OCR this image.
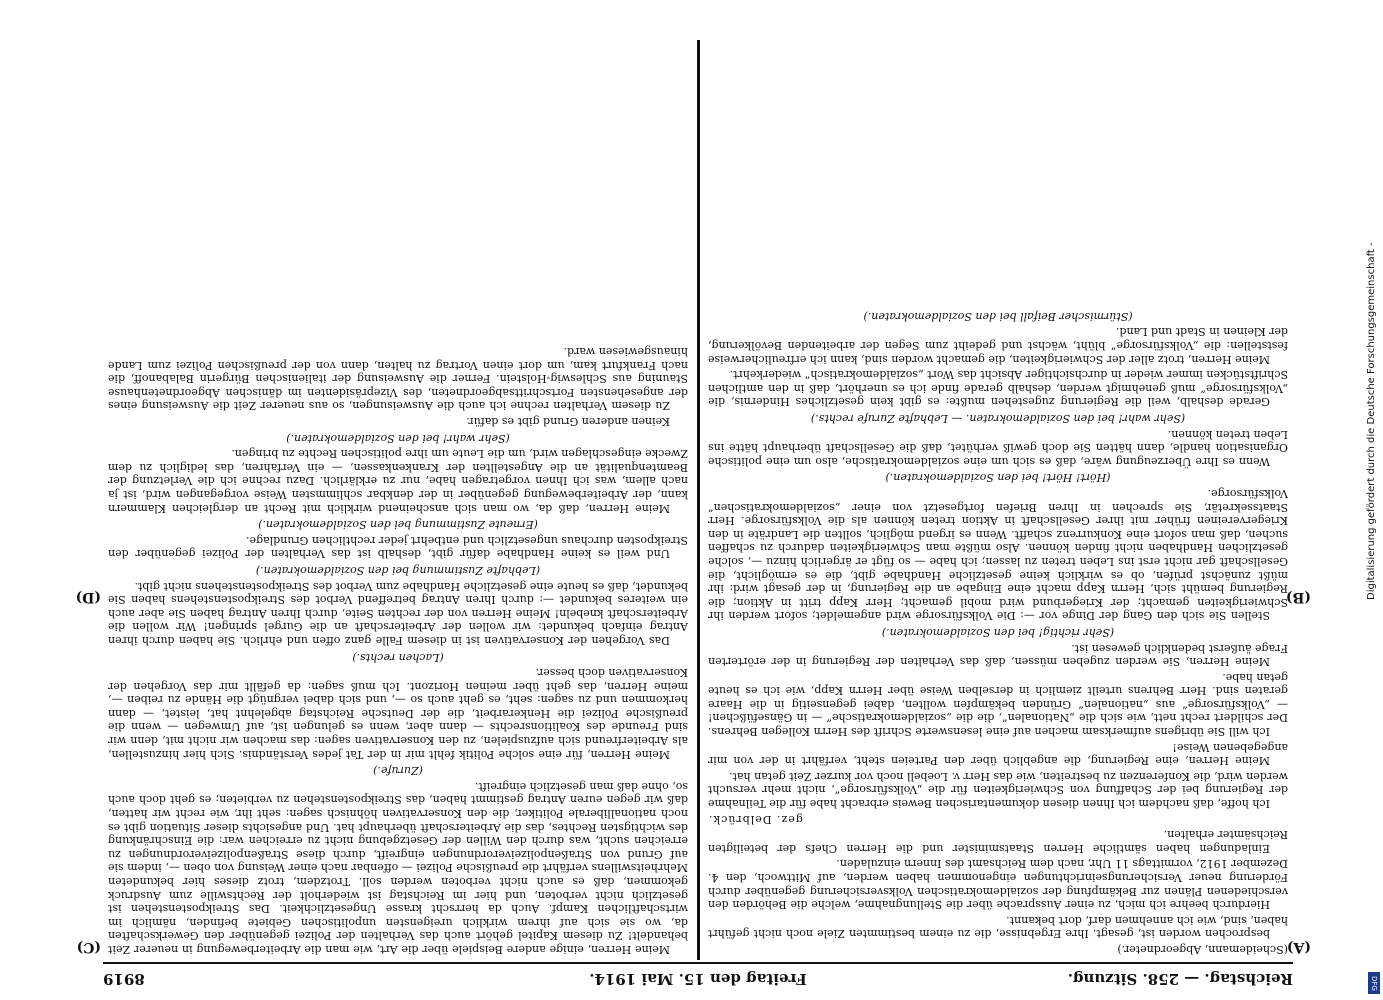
Reichstag. — 258. Sitzung.
Freitag den 15. Mai 1914.
8919
(A)
(B)
(C)
(D)

(Scheidemann, Abgeordneter.)

besprochen worden ist, gesagt. Ihre Ergebnisse, die zu einem bestimmten Ziele noch nicht geführt haben, sind, wie ich annehmen darf, dort bekannt.

Hierdurch beehre ich mich, zu einer Aussprache über die Stellungnahme, welche die Behörden den verschiedenen Plänen zur Bekämpfung der sozialdemokratischen Volksversicherung gegenüber durch Förderung neuer Versicherungseinrichtungen eingenommen haben werden, auf Mittwoch, den 4. Dezember 1912, vormittags 11 Uhr, nach dem Reichsamt des Innern einzuladen.

Einladungen haben sämtliche Herren Staatsminister und die Herren Chefs der beteiligten Reichsämter erhalten.

gez. Delbrück.

Ich hoffe, daß nachdem ich Ihnen diesen dokumentarischen Beweis erbracht habe für die Teilnahme der Regierung bei der Schaffung von Schwierigkeiten für die „Volksfürsorge“, nicht mehr versucht werden wird, die Konferenzen zu bestreiten, wie das Herr v. Loebell noch vor kurzer Zeit getan hat.

Meine Herren, eine Regierung, die angeblich über den Parteien steht, verfährt in der von mir angegebenen Weise!

Ich will Sie übrigens aufmerksam machen auf eine lesenswerte Schrift des Herrn Kollegen Behrens. Der schildert recht nett, wie sich die „Nationalen“, die die „sozialdemokratische“ — in Gänsefüßchen! — „Volksfürsorge“ aus „nationalen“ Gründen bekämpfen wollten, dabei gegenseitig in die Haare geraten sind. Herr Behrens urteilt ziemlich in derselben Weise über Herrn Kapp, wie ich es heute getan habe.

Meine Herren, Sie werden zugeben müssen, daß das Verhalten der Regierung in der erörterten Frage äußerst bedenklich gewesen ist.

(Sehr richtig! bei den Sozialdemokraten.)

Stellen Sie sich den Gang der Dinge vor —: Die Volksfürsorge wird angemeldet; sofort werden ihr Schwierigkeiten gemacht; der Kriegerbund wird mobil gemacht; Herr Kapp tritt in Aktion; die Regierung bemüht sich, Herrn Kapp macht eine Eingabe an die Regierung, in der gesagt wird: ihr müßt zunächst prüfen, ob es wirklich keine gesetzliche Handhabe gibt, die es ermöglicht, die Gesellschaft gar nicht erst ins Leben treten zu lassen; ich habe — so fügt er ärgerlich hinzu —, solche gesetzlichen Handhaben nicht finden können. Also müßte man Schwierigkeiten dadurch zu schaffen suchen, daß man sofort eine Konkurrenz schafft. Wenn es irgend möglich, sollten die Landräte in den Kriegervereinen früher mit ihrer Gesellschaft in Aktion treten können als die Volksfürsorge. Herr Staatssekretär, Sie sprechen in Ihren Briefen fortgesetzt von einer „sozialdemokratischen“ Volksfürsorge.

(Hört! Hört! bei den Sozialdemokraten.)

Wenn es Ihre Überzeugung wäre, daß es sich um eine sozialdemokratische, also um eine politische Organisation handle, dann hätten Sie doch gewiß verhütet, daß die Gesellschaft überhaupt hätte ins Leben treten können.

(Sehr wahr! bei den Sozialdemokraten. — Lebhafte Zurufe rechts.)

Gerade deshalb, weil die Regierung zugestehen mußte: es gibt kein gesetzliches Hindernis, die „Volksfürsorge“ muß genehmigt werden, deshalb gerade finde ich es unerhört, daß in den amtlichen Schriftstücken immer wieder in durchsichtiger Absicht das Wort „sozialdemokratisch“ wiederkehrt.

Meine Herren, trotz aller der Schwierigkeiten, die gemacht worden sind, kann ich erfreulicherweise feststellen: die „Volksfürsorge“ blüht, wächst und gedeiht zum Segen der arbeitenden Bevölkerung, der Kleinen in Stadt und Land.

(Stürmischer Beifall bei den Sozialdemokraten.)

Meine Herren, einige andere Beispiele über die Art, wie man die Arbeiterbewegung in neuerer Zeit behandelt! Zu diesem Kapitel gehört auch das Verhalten der Polizei gegenüber den Gewerkschaften da, wo sie sich auf ihrem wirklich ureigensten unpolitischen Gebiete befinden, nämlich im wirtschaftlichen Kampf. Auch da herrscht krasse Ungesetzlichkeit. Das Streikpostenstehen ist gesetzlich nicht verboten, und hier im Reichstag ist wiederholt der Rechtswille zum Ausdruck gekommen, daß es auch nicht verboten werden soll. Trotzdem, trotz dieses hier bekundeten Mehrheitswillens verfährt die preußische Polizei — offenbar nach einer Weisung von oben —, indem sie auf Grund von Straßenpolizeiverordnungen eingreift, durch diese Straßenpolizeiverordnungen zu erreichen sucht, was durch den Willen der Gesetzgebung nicht zu erreichen war: die Einschränkung des wichtigsten Rechtes, das die Arbeiterschaft überhaupt hat. Und angesichts dieser Situation gibt es noch nationalliberale Politiker, die den Konservativen höhnisch sagen: seht ihr, wie recht wir hatten, daß wir gegen euren Antrag gestimmt haben, das Streikpostenstehen zu verbieten; es geht doch auch so, ohne daß man gesetzlich eingreift.

(Zurufe.)

Meine Herren, für eine solche Politik fehlt mir in der Tat jedes Verständnis. Sich hier hinzustellen, als Arbeiterfreund sich aufzuspielen, zu den Konservativen sagen: das machen wir nicht mit, denn wir sind Freunde des Koalitionsrechts — dann aber, wenn es gelungen ist, auf Umwegen — wenn die preußische Polizei die Henkerarbeit, die der Deutsche Reichstag abgelehnt hat, leistet, — dann herkommen und zu sagen: seht, es geht auch so —, und sich dabei vergnügt die Hände zu reiben —, meine Herren, das geht über meinen Horizont. Ich muß sagen: da gefällt mir das Vorgehen der Konservativen doch besser.

(Lachen rechts.)

Das Vorgehen der Konservativen ist in diesem Falle ganz offen und ehrlich. Sie haben durch ihren Antrag einfach bekundet: wir wollen der Arbeiterschaft an die Gurgel springen! Wir wollen die Arbeiterschaft knebeln! Meine Herren von der rechten Seite, durch Ihren Antrag haben Sie aber auch ein weiteres bekundet —: durch Ihren Antrag betreffend Verbot des Streikpostenstehens haben Sie bekundet, daß es heute eine gesetzliche Handhabe zum Verbot des Streikpostenstehens nicht gibt.

(Lebhafte Zustimmung bei den Sozialdemokraten.)

Und weil es keine Handhabe dafür gibt, deshalb ist das Verhalten der Polizei gegenüber den Streikposten durchaus ungesetzlich und entbehrt jeder rechtlichen Grundlage.

(Erneute Zustimmung bei den Sozialdemokraten.)

Meine Herren, daß da, wo man sich anscheinend wirklich mit Recht an dergleichen Klammern kann, der Arbeiterbewegung gegenüber in der denkbar schlimmsten Weise vorgegangen wird, ist ja nach allem, was ich Ihnen vorgetragen habe, nur zu erklärlich. Dazu rechne ich die Verletzung der Beamtenqualität an die Angestellten der Krankenkassen, — ein Verfahren, das lediglich zu dem Zwecke eingeschlagen wird, um die Leute um ihre politischen Rechte zu bringen.

(Sehr wahr! bei den Sozialdemokraten.)

Keinen anderen Grund gibt es dafür.

Zu diesem Verhalten rechne ich auch die Ausweisungen, so aus neuerer Zeit die Ausweisung eines der angesehensten Fortschrittsabgeordneten, des Vizepräsidenten im dänischen Abgeordnetenhause Stauning aus Schleswig-Holstein. Ferner die Ausweisung der italienischen Bürgerin Balabanoff, die nach Frankfurt kam, um dort einen Vortrag zu halten, dann von der preußischen Polizei zum Lande hinausgewiesen ward.	Digitalisierung gefördert durch die Deutsche Forschungsgemeinschaft -
DFG
